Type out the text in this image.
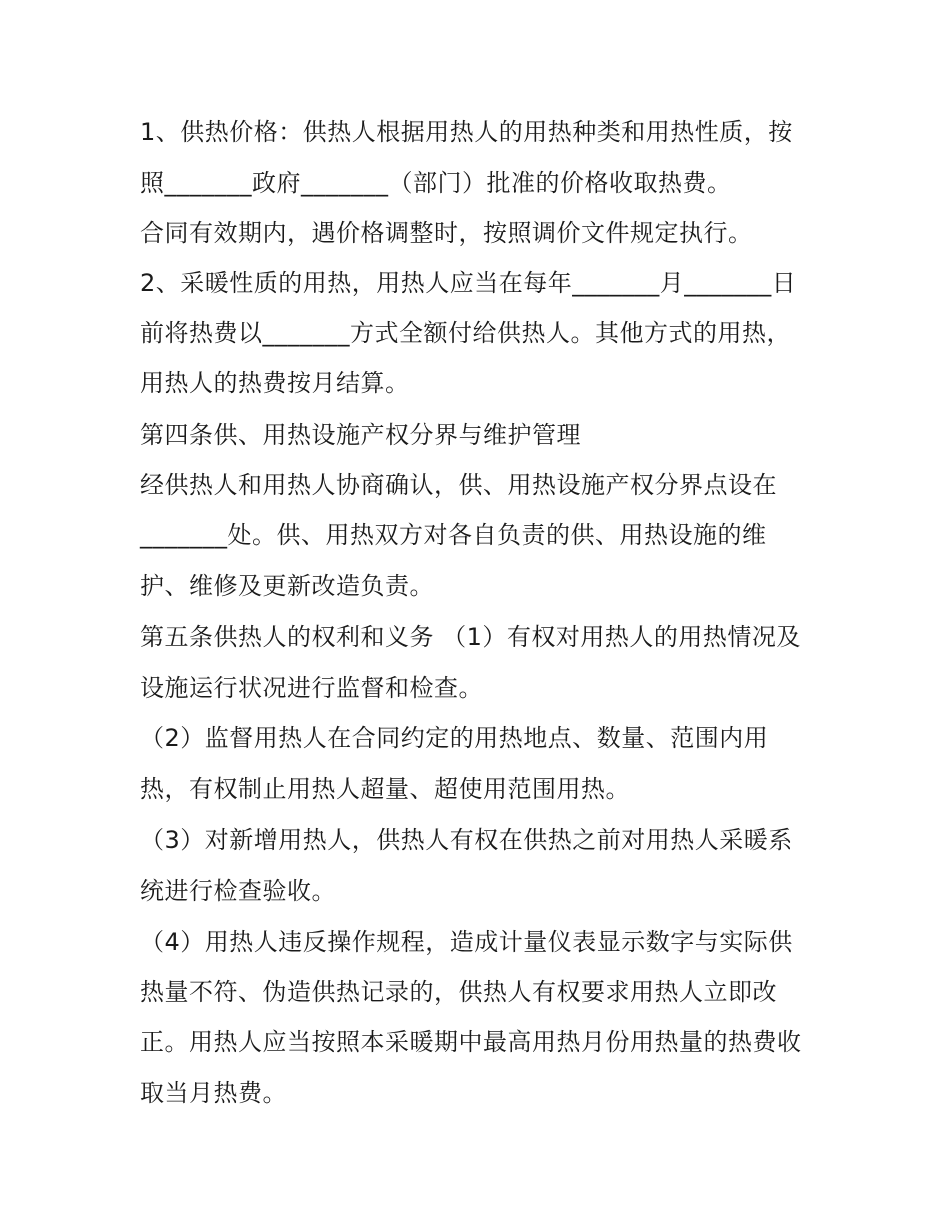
1、供热价格：供热人根据用热人的用热种类和用热性质，按
照_______政府_______（部门）批准的价格收取热费。
合同有效期内，遇价格调整时，按照调价文件规定执行。
2、采暖性质的用热，用热人应当在每年_______月_______日
前将热费以_______方式全额付给供热人。其他方式的用热，
用热人的热费按月结算。
第四条供、用热设施产权分界与维护管理
经供热人和用热人协商确认，供、用热设施产权分界点设在
_______处。供、用热双方对各自负责的供、用热设施的维
护、维修及更新改造负责。
第五条供热人的权利和义务 （1）有权对用热人的用热情况及
设施运行状况进行监督和检查。
（2）监督用热人在合同约定的用热地点、数量、范围内用
热，有权制止用热人超量、超使用范围用热。
（3）对新增用热人，供热人有权在供热之前对用热人采暖系
统进行检查验收。
（4）用热人违反操作规程，造成计量仪表显示数字与实际供
热量不符、伪造供热记录的，供热人有权要求用热人立即改
正。用热人应当按照本采暖期中最高用热月份用热量的热费收
取当月热费。
